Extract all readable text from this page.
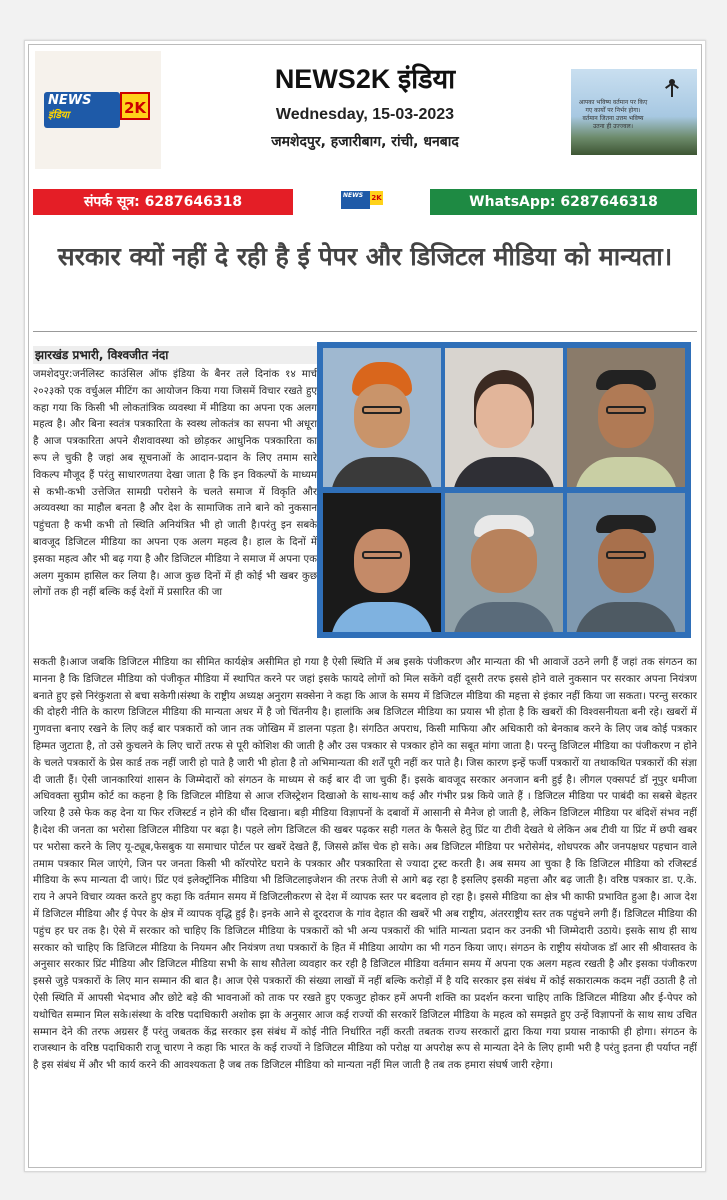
NEWS
इंडिया	2K
NEWS2K इंडिया
Wednesday, 15-03-2023
जमशेदपुर, हजारीबाग, रांची, धनबाद
आपका भविष्य वर्तमान पर किए गए कार्यों पर निर्भर होगा। वर्तमान जितना उत्तम भविष्य उतना ही उज्ज्वल।
संपर्क सूत्र: 6287646318	NEWS	2K	WhatsApp: 6287646318
सरकार क्यों नहीं दे रही है ई पेपर और डिजिटल मीडिया को मान्यता।
झारखंड प्रभारी, विश्वजीत नंदा
जमशेदपुर:जर्नलिस्ट काउंसिल ऑफ इंडिया के बैनर तले दिनांक १४ मार्च २०२३को एक वर्चुअल मीटिंग का आयोजन किया गया जिसमें विचार रखते हुए कहा गया कि किसी भी लोकतांत्रिक व्यवस्था में मीडिया का अपना एक अलग महत्व है। और बिना स्वतंत्र पत्रकारिता के स्वस्थ लोकतंत्र का सपना भी अधूरा है आज पत्रकारिता अपने शैशवावस्था को छोड़कर आधुनिक पत्रकारिता का रूप ले चुकी है जहां अब सूचनाओं के आदान-प्रदान के लिए तमाम सारे विकल्प मौजूद हैं परंतु साधारणतया देखा जाता है कि इन विकल्पों के माध्यम से कभी-कभी उत्तेजित सामग्री परोसने के चलते समाज में विकृति और अव्यवस्था का माहौल बनता है और देश के सामाजिक ताने बाने को नुकसान पहुंचता है कभी कभी तो स्थिति अनियंत्रित भी हो जाती है।परंतु इन सबके बावजूद डिजिटल मीडिया का अपना एक अलग महत्व है। हाल के दिनों में इसका महत्व और भी बढ़ गया है और डिजिटल मीडिया ने समाज में अपना एक अलग मुकाम हासिल कर लिया है। आज कुछ दिनों में ही कोई भी खबर कुछ लोगों तक ही नहीं बल्कि कई देशों में प्रसारित की जा
सकती है।आज जबकि डिजिटल मीडिया का सीमित कार्यक्षेत्र असीमित हो गया है ऐसी स्थिति में अब इसके पंजीकरण और मान्यता की भी आवाजें उठने लगी हैं जहां तक संगठन का मानना है कि डिजिटल मीडिया को पंजीकृत मीडिया में स्थापित करने पर जहां इसके फायदे लोगों को मिल सकेंगे वहीं दूसरी तरफ इससे होने वाले नुकसान पर सरकार अपना नियंत्रण बनाते हुए इसे निरंकुशता से बचा सकेगी।संस्था के राष्ट्रीय अध्यक्ष अनुराग सक्सेना ने कहा कि आज के समय में डिजिटल मीडिया की महत्ता से इंकार नहीं किया जा सकता। परन्तु सरकार की दोहरी नीति के कारण डिजिटल मीडिया की मान्यता अधर में है जो चिंतनीय है। हालांकि अब डिजिटल मीडिया का प्रयास भी होता है कि खबरों की विश्वसनीयता बनी रहे। खबरों में गुणवत्ता बनाए रखने के लिए कई बार पत्रकारों को जान तक जोखिम में डालना पड़ता है। संगठित अपराध, किसी माफिया और अधिकारी को बेनकाब करने के लिए जब कोई पत्रकार हिम्मत जुटाता है, तो उसे कुचलने के लिए चारों तरफ से पूरी कोशिश की जाती है और उस पत्रकार से पत्रकार होने का सबूत मांगा जाता है। परन्तु डिजिटल मीडिया का पंजीकरण न होने के चलते पत्रकारों के प्रेस कार्ड तक नहीं जारी हो पाते है जारी भी होता है तो अभिमान्यता की शर्तें पूरी नहीं कर पाते है। जिस कारण इन्हें फर्जी पत्रकारों या तथाकथित पत्रकारों की संज्ञा दी जाती हैं। ऐसी जानकारियां शासन के जिम्मेदारों को संगठन के माध्यम से कई बार दी जा चुकी हैं। इसके बावजूद सरकार अनजान बनी हुई है। लीगल एक्सपर्ट डॉ नूपुर धमीजा अधिवक्ता सुप्रीम कोर्ट का कहना है कि डिजिटल मीडिया से आज रजिस्ट्रेशन दिखाओ के साथ-साथ कई और गंभीर प्रश्न किये जाते हैं । डिजिटल मीडिया पर पाबंदी का सबसे बेहतर जरिया है उसे फेक कह देना या फिर रजिस्टर्ड न होने की धौंस दिखाना। बड़ी मीडिया विज्ञापनों के दबावों में आसानी से मैनेज हो जाती है, लेकिन डिजिटल मीडिया पर बंदिशें संभव नहीं है।देश की जनता का भरोसा डिजिटल मीडिया पर बढ़ा है। पहले लोग डिजिटल की खबर पढ़कर सही गलत के फैसले हेतु प्रिंट या टीवी देखते थे लेकिन अब टीवी या प्रिंट में छपी खबर पर भरोसा करने के लिए यू-ट्यूब,फेसबुक या समाचार पोर्टल पर खबरें देखते हैं, जिससे क्रॉस चेक हो सके। अब डिजिटल मीडिया पर भरोसेमंद, शोधपरक और जनपक्षधर पहचान वाले तमाम पत्रकार मिल जाएंगे, जिन पर जनता किसी भी कॉरपोरेट घराने के पत्रकार और पत्रकारिता से ज्यादा ट्रस्ट करती है। अब समय आ चुका है कि डिजिटल मीडिया को रजिस्टर्ड मीडिया के रूप मान्यता दी जाएं। प्रिंट एवं इलेक्ट्रॉनिक मीडिया भी डिजिटलाइजेशन की तरफ तेजी से आगे बढ़ रहा है इसलिए इसकी महत्ता और बढ़ जाती है। वरिष्ठ पत्रकार डा. ए.के. राय ने अपने विचार व्यक्त करते हुए कहा कि वर्तमान समय में डिजिटलीकरण से देश में व्यापक स्तर पर बदलाव हो रहा है। इससे मीडिया का क्षेत्र भी काफी प्रभावित हुआ है। आज देश में डिजिटल मीडिया और ई पेपर के क्षेत्र में व्यापक वृद्धि हुई है। इनके आने से दूरदराज के गांव देहात की खबरें भी अब राष्ट्रीय, अंतरराष्ट्रीय स्तर तक पहुंचने लगी हैं। डिजिटल मीडिया की पहुंच हर घर तक है। ऐसे में सरकार को चाहिए कि डिजिटल मीडिया के पत्रकारों को भी अन्य पत्रकारों की भांति मान्यता प्रदान कर उनकी भी जिम्मेदारी उठाये। इसके साथ ही साथ सरकार को चाहिए कि डिजिटल मीडिया के नियमन और नियंत्रण तथा पत्रकारों के हित में मीडिया आयोग का भी गठन किया जाए। संगठन के राष्ट्रीय संयोजक डॉ आर सी श्रीवास्तव के अनुसार सरकार प्रिंट मीडिया और डिजिटल मीडिया सभी के साथ सौतेला व्यवहार कर रही है डिजिटल मीडिया वर्तमान समय में अपना एक अलग महत्व रखती है और इसका पंजीकरण इससे जुड़े पत्रकारों के लिए मान सम्मान की बात है। आज ऐसे पत्रकारों की संख्या लाखों में नहीं बल्कि करोड़ों में है यदि सरकार इस संबंध में कोई सकारात्मक कदम नहीं उठाती है तो ऐसी स्थिति में आपसी भेदभाव और छोटे बड़े की भावनाओं को ताक पर रखते हुए एकजुट होकर हमें अपनी शक्ति का प्रदर्शन करना चाहिए ताकि डिजिटल मीडिया और ई-पेपर को यथोचित सम्मान मिल सके।संस्था के वरिष्ठ पदाधिकारी अशोक झा के अनुसार आज कई राज्यों की सरकारें डिजिटल मीडिया के महत्व को समझते हुए उन्हें विज्ञापनों के साथ साथ उचित सम्मान देने की तरफ अग्रसर हैं परंतु जबतक केंद्र सरकार इस संबंध में कोई नीति निर्धारित नहीं करती तबतक राज्य सरकारों द्वारा किया गया प्रयास नाकाफी ही होगा। संगठन के राजस्थान के वरिष्ठ पदाधिकारी राजू चारण ने कहा कि भारत के कई राज्यों ने डिजिटल मीडिया को परोक्ष या अपरोक्ष रूप से मान्यता देने के लिए हामी भरी है परंतु इतना ही पर्याप्त नहीं है इस संबंध में और भी कार्य करने की आवश्यकता है जब तक डिजिटल मीडिया को मान्यता नहीं मिल जाती है तब तक हमारा संघर्ष जारी रहेगा।
